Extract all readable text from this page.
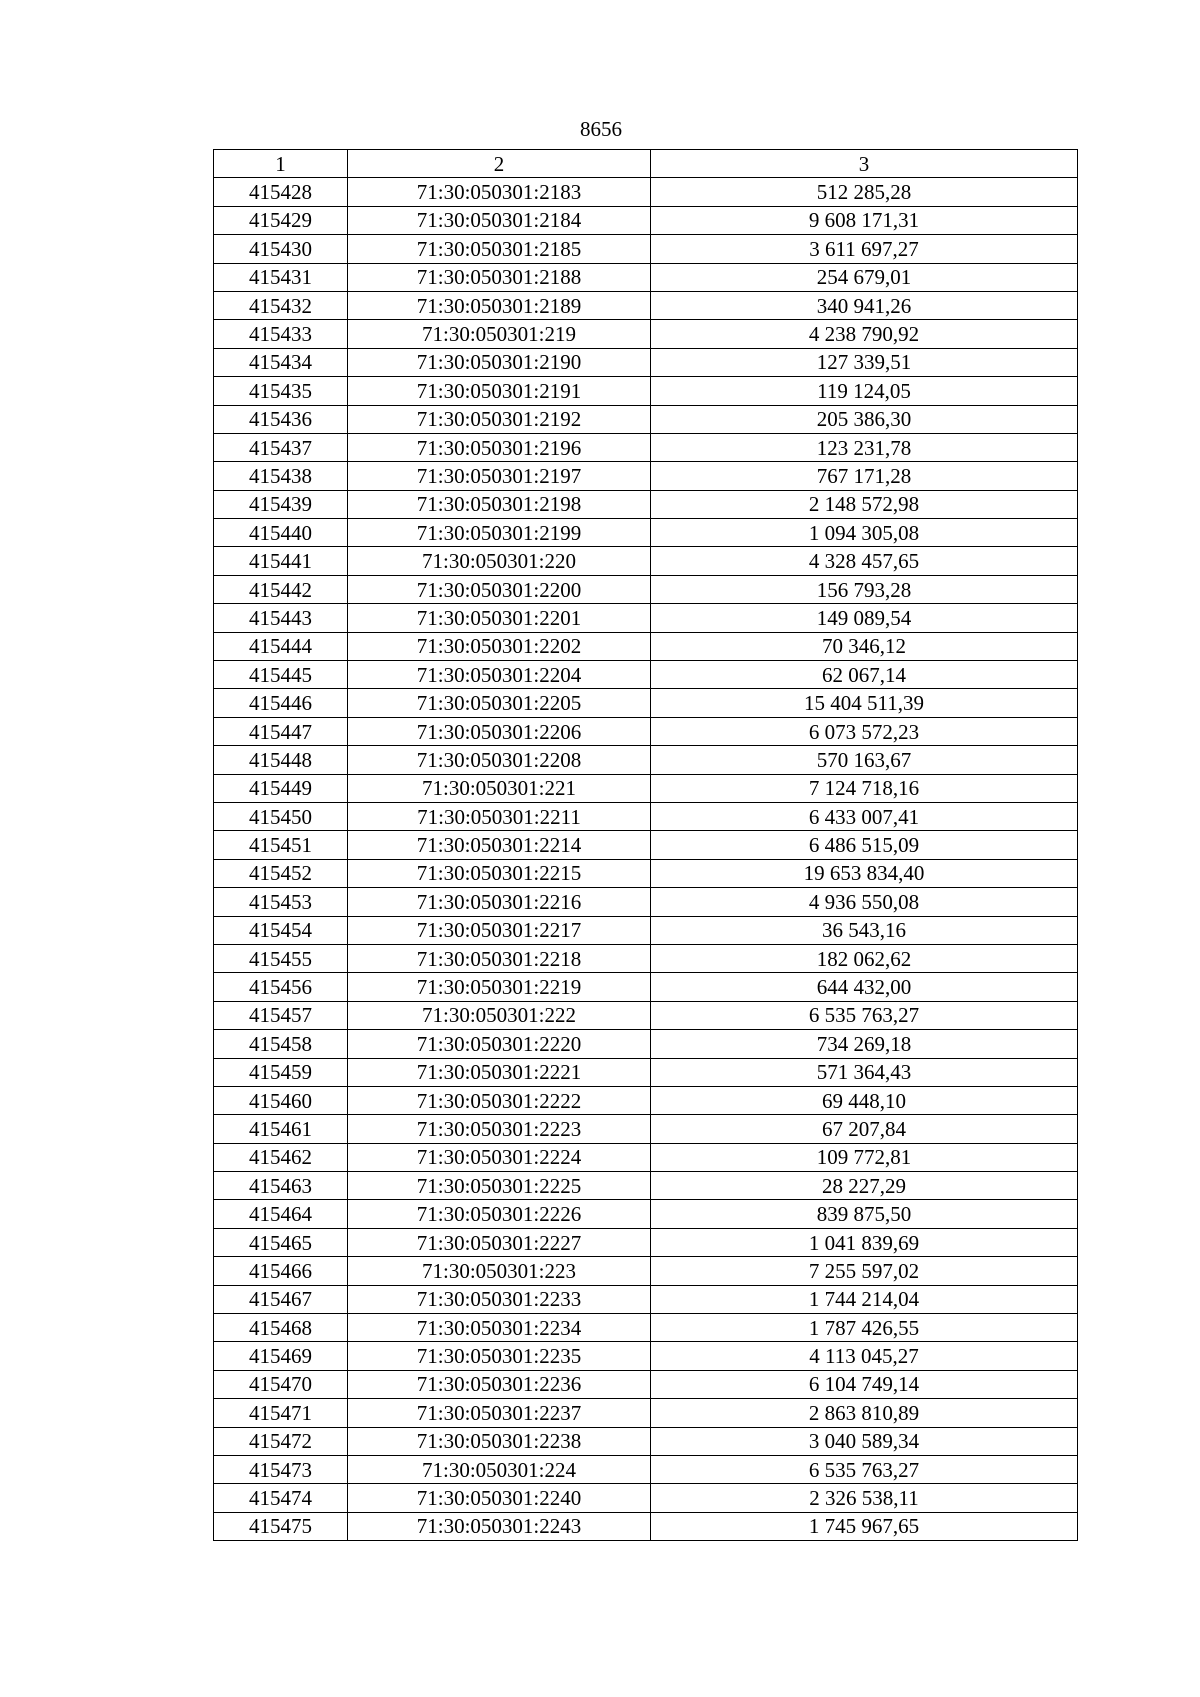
8656
1	2	3
415428	71:30:050301:2183	512 285,28
415429	71:30:050301:2184	9 608 171,31
415430	71:30:050301:2185	3 611 697,27
415431	71:30:050301:2188	254 679,01
415432	71:30:050301:2189	340 941,26
415433	71:30:050301:219	4 238 790,92
415434	71:30:050301:2190	127 339,51
415435	71:30:050301:2191	119 124,05
415436	71:30:050301:2192	205 386,30
415437	71:30:050301:2196	123 231,78
415438	71:30:050301:2197	767 171,28
415439	71:30:050301:2198	2 148 572,98
415440	71:30:050301:2199	1 094 305,08
415441	71:30:050301:220	4 328 457,65
415442	71:30:050301:2200	156 793,28
415443	71:30:050301:2201	149 089,54
415444	71:30:050301:2202	70 346,12
415445	71:30:050301:2204	62 067,14
415446	71:30:050301:2205	15 404 511,39
415447	71:30:050301:2206	6 073 572,23
415448	71:30:050301:2208	570 163,67
415449	71:30:050301:221	7 124 718,16
415450	71:30:050301:2211	6 433 007,41
415451	71:30:050301:2214	6 486 515,09
415452	71:30:050301:2215	19 653 834,40
415453	71:30:050301:2216	4 936 550,08
415454	71:30:050301:2217	36 543,16
415455	71:30:050301:2218	182 062,62
415456	71:30:050301:2219	644 432,00
415457	71:30:050301:222	6 535 763,27
415458	71:30:050301:2220	734 269,18
415459	71:30:050301:2221	571 364,43
415460	71:30:050301:2222	69 448,10
415461	71:30:050301:2223	67 207,84
415462	71:30:050301:2224	109 772,81
415463	71:30:050301:2225	28 227,29
415464	71:30:050301:2226	839 875,50
415465	71:30:050301:2227	1 041 839,69
415466	71:30:050301:223	7 255 597,02
415467	71:30:050301:2233	1 744 214,04
415468	71:30:050301:2234	1 787 426,55
415469	71:30:050301:2235	4 113 045,27
415470	71:30:050301:2236	6 104 749,14
415471	71:30:050301:2237	2 863 810,89
415472	71:30:050301:2238	3 040 589,34
415473	71:30:050301:224	6 535 763,27
415474	71:30:050301:2240	2 326 538,11
415475	71:30:050301:2243	1 745 967,65
